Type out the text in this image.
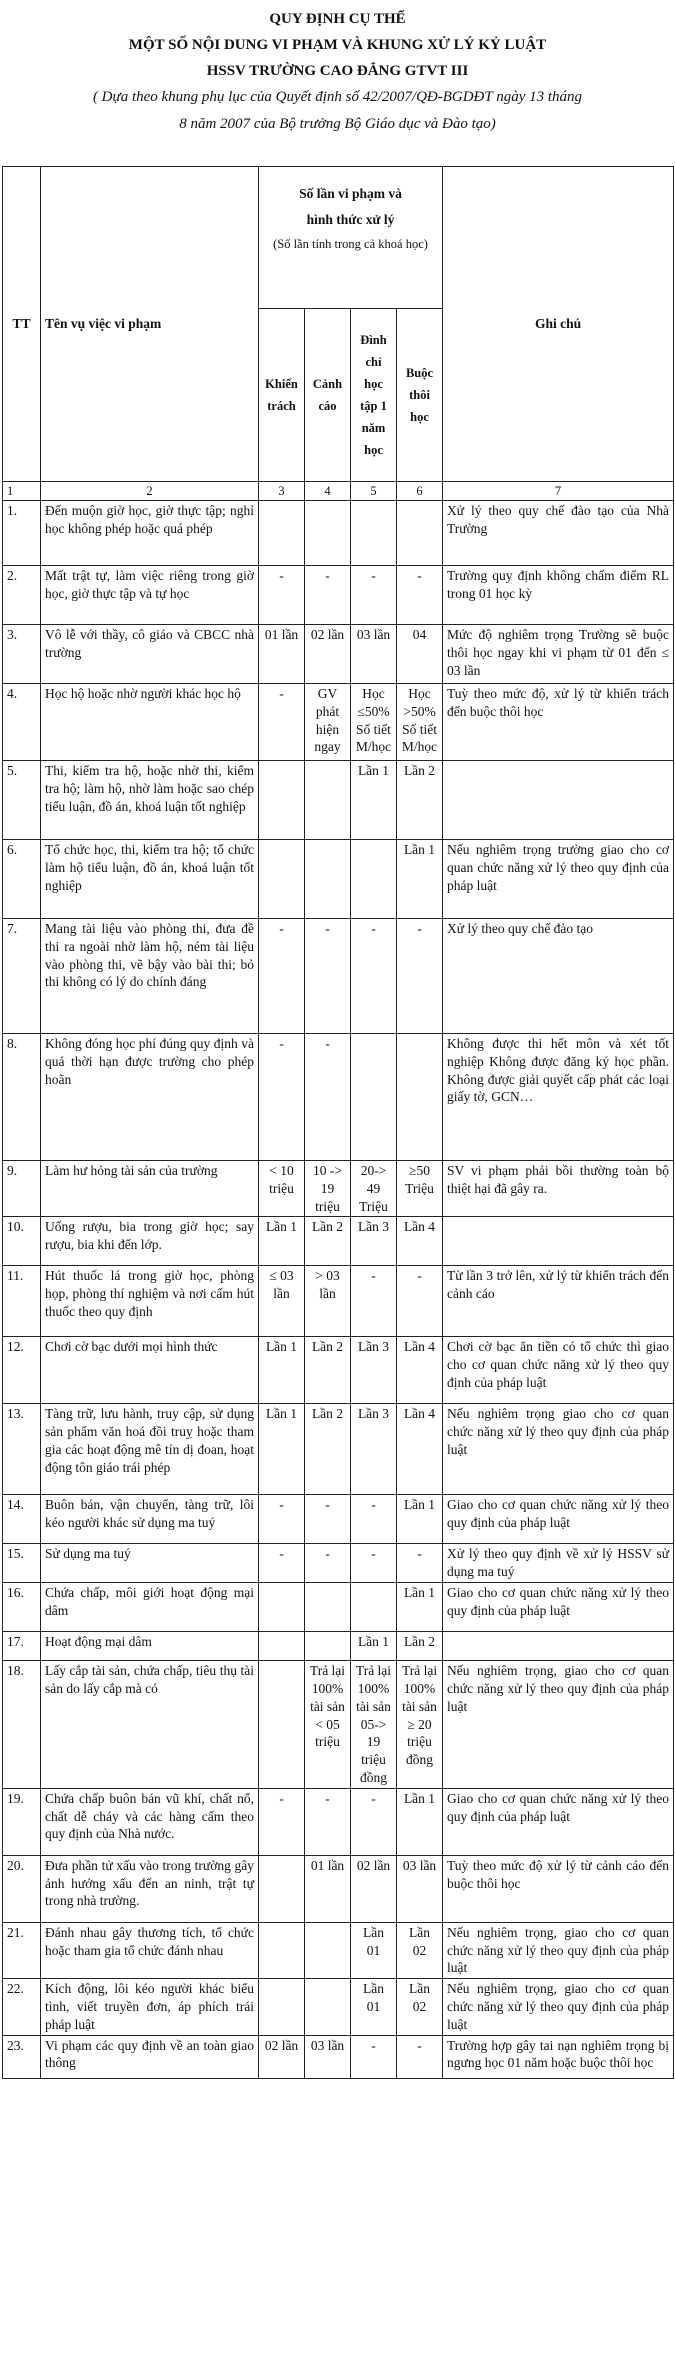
QUY ĐỊNH CỤ THỂ
MỘT SỐ NỘI DUNG VI PHẠM VÀ KHUNG XỬ LÝ KỶ LUẬT
HSSV TRƯỜNG CAO ĐẲNG GTVT III
( Dựa theo khung phụ lục của Quyết định số 42/2007/QĐ-BGDĐT ngày 13 tháng
8 năm 2007 của Bộ trưởng Bộ Giáo dục và Đào tạo)
TT	Tên vụ việc vi phạm	Số lần vi phạm và
hình thức xử lý
(Số lần tính trong cả khoá học)				Ghi chú
		Khiển trách	Cảnh cáo	Đình chỉ học tập 1 năm học	Buộc thôi học	
1	2	3	4	5	6	7
1.	Đến muộn giờ học, giờ thực tập; nghỉ học không phép hoặc quá phép					Xử lý theo quy chế đào tạo của Nhà Trường
2.	Mất trật tự, làm việc riêng trong giờ học, giờ thực tập và tự học	-	-	-	-	Trường quy định không chấm điểm RL trong 01 học kỳ
3.	Vô lễ với thầy, cô giáo và CBCC nhà trường	01 lần	02 lần	03 lần	04	Mức độ nghiêm trọng Trường sẽ buộc thôi học ngay khi vi phạm từ 01 đến ≤ 03 lần
4.	Học hộ hoặc nhờ người khác học hộ	-	GV phát hiện ngay	Học ≤50% Số tiết M/học	Học >50% Số tiết M/học	Tuỳ theo mức độ, xử lý từ khiển trách đến buộc thôi học
5.	Thi, kiểm tra hộ, hoặc nhờ thi, kiểm tra hộ; làm hộ, nhờ làm hoặc sao chép tiểu luận, đồ án, khoá luận tốt nghiệp			Lần 1	Lần 2	
6.	Tổ chức học, thi, kiểm tra hộ; tổ chức làm hộ tiểu luận, đồ án, khoá luận tốt nghiệp				Lần 1	Nếu nghiêm trọng trường giao cho cơ quan chức năng xử lý theo quy định của pháp luật
7.	Mang tài liệu vào phòng thi, đưa đề thi ra ngoài nhờ làm hộ, ném tài liệu vào phòng thi, vẽ bậy vào bài thi; bỏ thi không có lý do chính đáng	-	-	-	-	Xử lý theo quy chế đào tạo
8.	Không đóng học phí đúng quy định và quá thời hạn được trường cho phép hoãn	-	-			Không được thi hết môn và xét tốt nghiệp Không được đăng ký học phần. Không được giải quyết cấp phát các loại giấy tờ, GCN…
9.	Làm hư hỏng tài sản của trường	< 10 triệu	10 -> 19 triệu	20-> 49 Triệu	≥50 Triệu	SV vi phạm phải bồi thường toàn bộ thiệt hại đã gây ra.
10.	Uống rượu, bia trong giờ học; say rượu, bia khi đến lớp.	Lần 1	Lần 2	Lần 3	Lần 4	
11.	Hút thuốc lá trong giờ học, phòng họp, phòng thí nghiệm và nơi cấm hút thuốc theo quy định	≤ 03 lần	> 03 lần	-	-	Từ lần 3 trở lên, xử lý từ khiển trách đến cảnh cáo
12.	Chơi cờ bạc dưới mọi hình thức	Lần 1	Lần 2	Lần 3	Lần 4	Chơi cờ bạc ăn tiền có tổ chức thì giao cho cơ quan chức năng xử lý theo quy định của pháp luật
13.	Tàng trữ, lưu hành, truy cập, sử dụng sản phẩm văn hoá đồi truỵ hoặc tham gia các hoạt động mê tín dị đoan, hoạt động tôn giáo trái phép	Lần 1	Lần 2	Lần 3	Lần 4	Nếu nghiêm trọng giao cho cơ quan chức năng xử lý theo quy định của pháp luật
14.	Buôn bán, vận chuyển, tàng trữ, lôi kéo người khác sử dụng ma tuý	-	-	-	Lần 1	Giao cho cơ quan chức năng xử lý theo quy định của pháp luật
15.	Sử dụng ma tuý	-	-	-	-	Xử lý theo quy định về xử lý HSSV sử dụng ma tuý
16.	Chứa chấp, môi giới hoạt động mại dâm				Lần 1	Giao cho cơ quan chức năng xử lý theo quy định của pháp luật
17.	Hoạt động mại dâm			Lần 1	Lần 2	
18.	Lấy cắp tài sản, chứa chấp, tiêu thụ tài sản do lấy cắp mà có		Trả lại 100% tài sản < 05 triệu	Trả lại 100% tài sản 05-> 19 triệu đồng	Trả lại 100% tài sản ≥ 20 triệu đồng	Nếu nghiêm trọng, giao cho cơ quan chức năng xử lý theo quy định của pháp luật
19.	Chứa chấp buôn bán vũ khí, chất nổ, chất dễ cháy và các hàng cấm theo quy định của Nhà nước.	-	-	-	Lần 1	Giao cho cơ quan chức năng xử lý theo quy định của pháp luật
20.	Đưa phần tử xấu vào trong trường gây ảnh hưởng xấu đến an ninh, trật tự trong nhà trường.		01 lần	02 lần	03 lần	Tuỳ theo mức độ xử lý từ cảnh cáo đến buộc thôi học
21.	Đánh nhau gây thương tích, tổ chức hoặc tham gia tổ chức đánh nhau			Lần 01	Lần 02	Nếu nghiêm trọng, giao cho cơ quan chức năng xử lý theo quy định của pháp luật
22.	Kích động, lôi kéo người khác biểu tình, viết truyền đơn, áp phích trái pháp luật			Lần 01	Lần 02	Nếu nghiêm trọng, giao cho cơ quan chức năng xử lý theo quy định của pháp luật
23.	Vi phạm các quy định về an toàn giao thông	02 lần	03 lần	-	-	Trường hợp gây tai nạn nghiêm trọng bị ngưng học 01 năm hoặc buộc thôi học
